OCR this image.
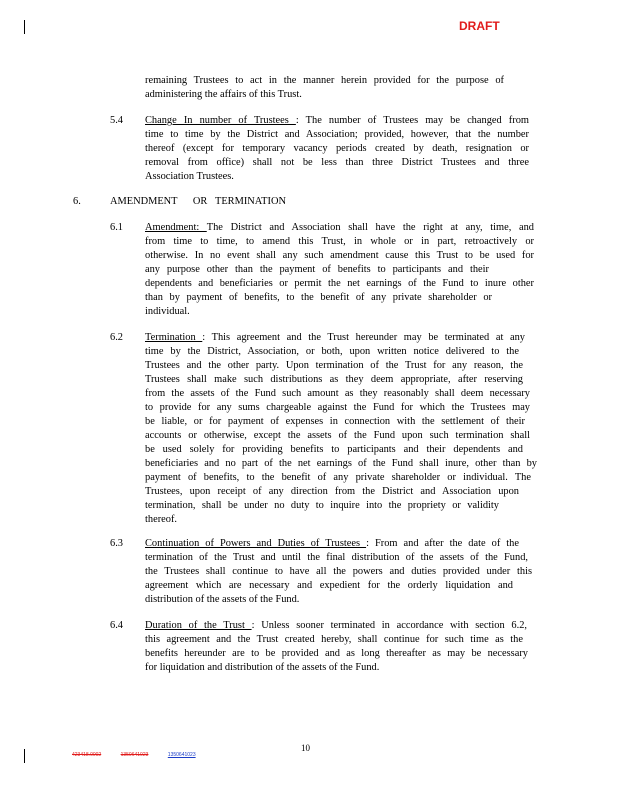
DRAFT
remaining Trustees to act in the manner herein provided for the purpose of
administering the affairs of this Trust.
5.4 Change In number of Trustees : The number of Trustees may be changed from
time to time by the District and Association; provided, however, that the number
thereof (except for temporary vacancy periods created by death, resignation or
removal from office) shall not be less than three District Trustees and three
Association Trustees.
6.	AMENDMENT      OR   TERMINATION
6.1 Amendment: The District and Association shall have the right at any, time, and
from time to time, to amend this Trust, in whole or in part, retroactively or
otherwise. In no event shall any such amendment cause this Trust to be used for
any purpose other than the payment of benefits to participants and their
dependents and beneficiaries or permit the net earnings of the Fund to inure other
than by payment of benefits, to the benefit of any private shareholder or
individual.
6.2 Termination : This agreement and the Trust hereunder may be terminated at any
time by the District, Association, or both, upon written notice delivered to the
Trustees and the other party. Upon termination of the Trust for any reason, the
Trustees shall make such distributions as they deem appropriate, after reserving
from the assets of the Fund such amount as they reasonably shall deem necessary
to provide for any sums chargeable against the Fund for which the Trustees may
be liable, or for payment of expenses in connection with the settlement of their
accounts or otherwise, except the assets of the Fund upon such termination shall
be used solely for providing benefits to participants and their dependents and
beneficiaries and no part of the net earnings of the Fund shall inure, other than by
payment of benefits, to the benefit of any private shareholder or individual. The
Trustees, upon receipt of any direction from the District and Association upon
termination, shall be under no duty to inquire into the propriety or validity
thereof.
6.3 Continuation of Powers and Duties of Trustees : From and after the date of the
termination of the Trust and until the final distribution of the assets of the Fund,
the Trustees shall continue to have all the powers and duties provided under this
agreement which are necessary and expedient for the orderly liquidation and
distribution of the assets of the Fund.
6.4 Duration of the Trust : Unless sooner terminated in accordance with section 6.2,
this agreement and the Trust created hereby, shall continue for such time as the
benefits hereunder are to be provided and as long thereafter as may be necessary
for liquidation and distribution of the assets of the Fund.
10
423418.0002	1350641023	1350641023
